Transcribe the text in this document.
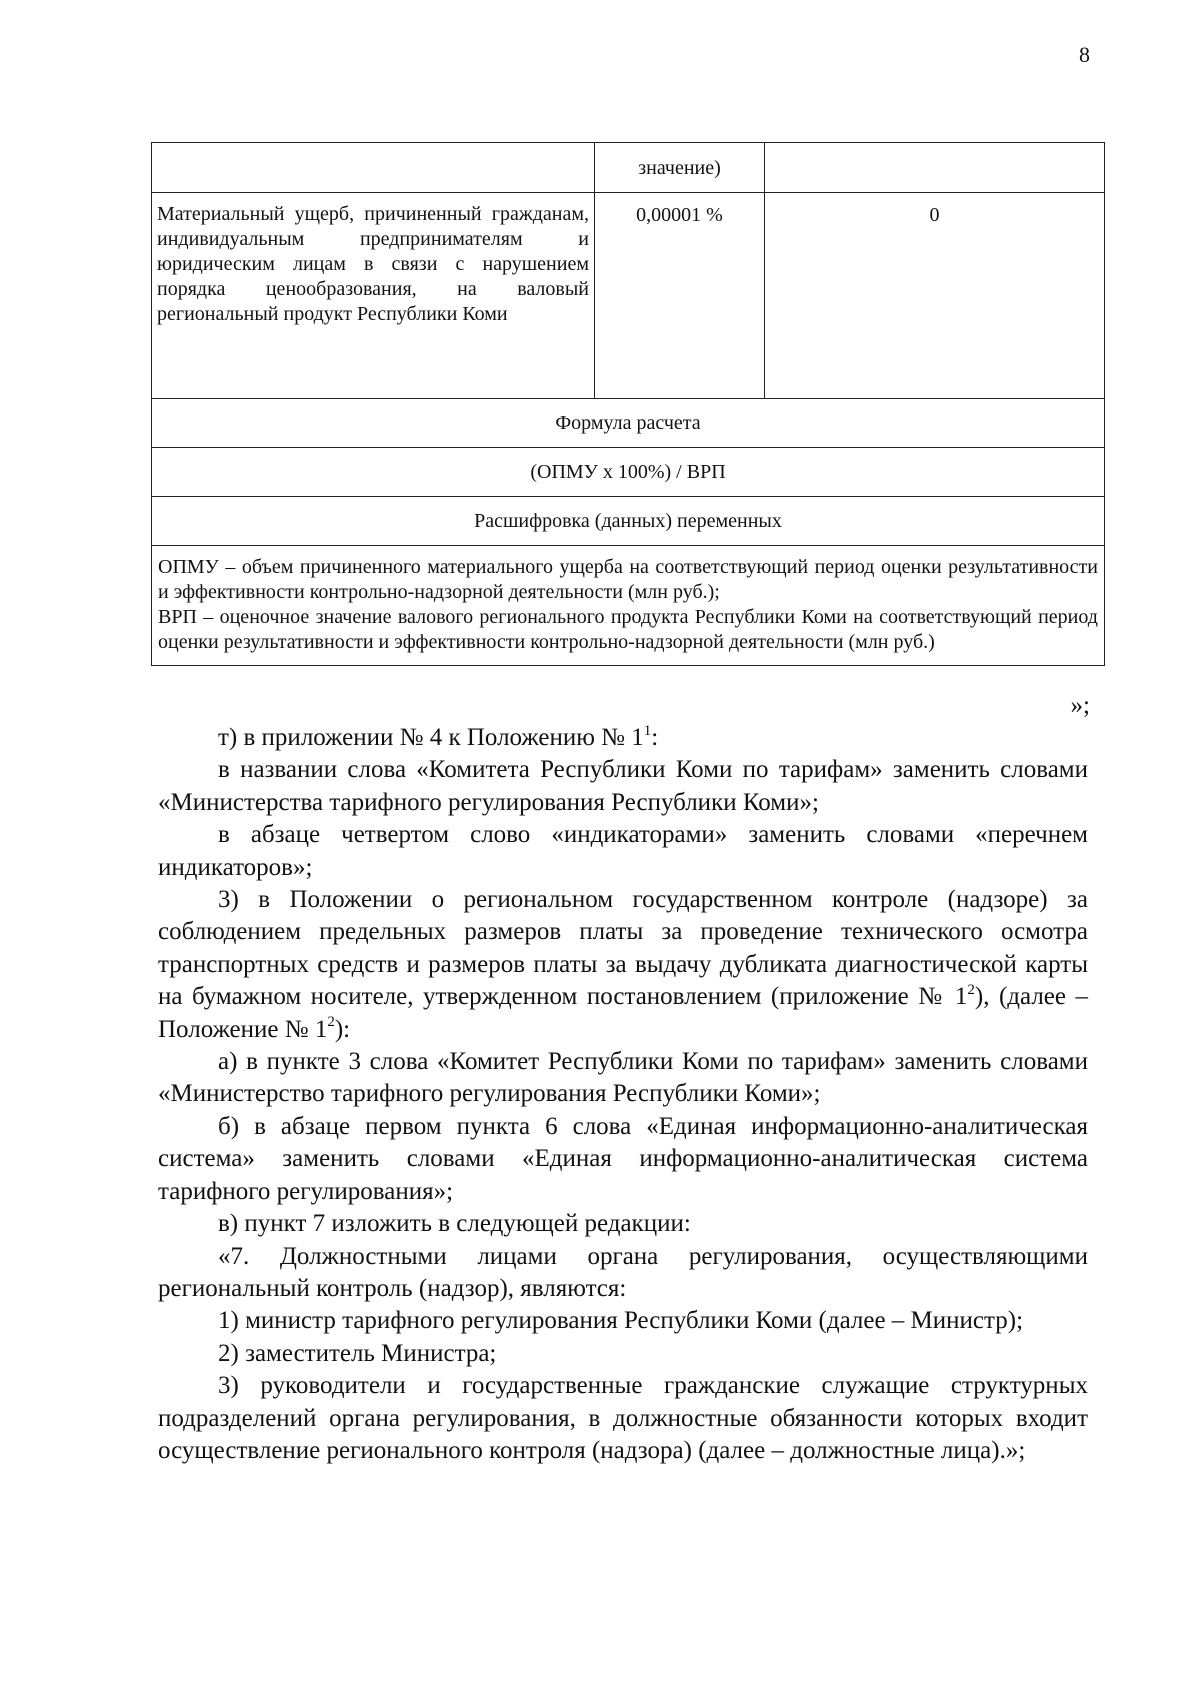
8
	значение)	
Материальный ущерб, причиненный гражданам, индивидуальным предпринимателям и юридическим лицам в связи с нарушением порядка ценообразования, на валовый региональный продукт Республики Коми	0,00001 %	0
Формула расчета		
(ОПМУ х 100%) / ВРП		
Расшифровка (данных) переменных		

ОПМУ – объем причиненного материального ущерба на соответствующий период оценки результативности и эффективности контрольно-надзорной деятельности (млн руб.);
ВРП – оценочное значение валового регионального продукта Республики Коми на соответствующий период оценки результативности и эффективности контрольно-надзорной деятельности (млн руб.)		
»;

т) в приложении № 4 к Положению № $1^1$:

в названии слова «Комитета Республики Коми по тарифам» заменить словами «Министерства тарифного регулирования Республики Коми»;

в абзаце четвертом слово «индикаторами» заменить словами «перечнем индикаторов»;

3) в Положении о региональном государственном контроле (надзоре) за соблюдением предельных размеров платы за проведение технического осмотра транспортных средств и размеров платы за выдачу дубликата диагностической карты на бумажном носителе, утвержденном постановлением (приложение № $1^2$), (далее – Положение № $1^2$):

а) в пункте 3 слова «Комитет Республики Коми по тарифам» заменить словами «Министерство тарифного регулирования Республики Коми»;

б) в абзаце первом пункта 6 слова «Единая информационно-аналитическая система» заменить словами «Единая информационно-аналитическая система тарифного регулирования»;

в) пункт 7 изложить в следующей редакции:

«7. Должностными лицами органа регулирования, осуществляющими региональный контроль (надзор), являются:

1) министр тарифного регулирования Республики Коми (далее – Министр);

2) заместитель Министра;

3) руководители и государственные гражданские служащие структурных подразделений органа регулирования, в должностные обязанности которых входит осуществление регионального контроля (надзора) (далее – должностные лица).»;
